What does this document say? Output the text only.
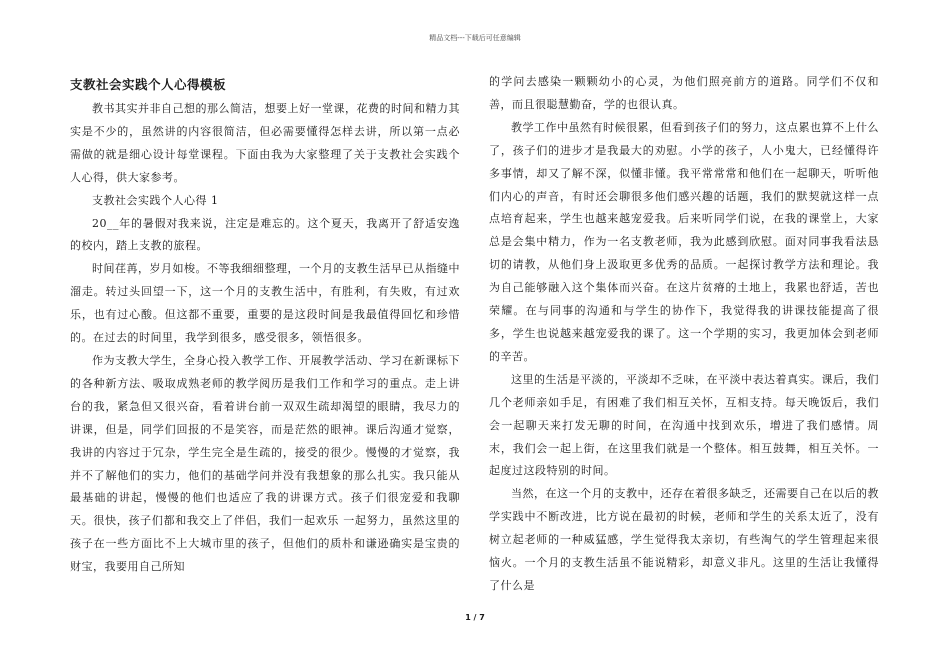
精品文档---下载后可任意编辑
支教社会实践个人心得模板

教书其实并非自己想的那么简洁，想要上好一堂课，花费的时间和精力其实是不少的，虽然讲的内容很简洁，但必需要懂得怎样去讲，所以第一点必需做的就是细心设计每堂课程。下面由我为大家整理了关于支教社会实践个人心得，供大家参考。

支教社会实践个人心得 1

20__年的暑假对我来说，注定是难忘的。这个夏天，我离开了舒适安逸的校内，踏上支教的旅程。

时间荏苒，岁月如梭。不等我细细整理，一个月的支教生活早已从指缝中溜走。转过头回望一下，这一个月的支教生活中，有胜利，有失败，有过欢乐，也有过心酸。但这都不重要，重要的是这段时间是我最值得回忆和珍惜的。在过去的时间里，我学到很多，感受很多，领悟很多。

作为支教大学生，全身心投入教学工作、开展教学活动、学习在新课标下的各种新方法、吸取成熟老师的教学阅历是我们工作和学习的重点。走上讲台的我，紧急但又很兴奋，看着讲台前一双双生疏却渴望的眼睛，我尽力的讲课，但是，同学们回报的不是笑容，而是茫然的眼神。课后沟通才觉察，我讲的内容过于冗杂，学生完全是生疏的，接受的很少。慢慢的才觉察，我并不了解他们的实力，他们的基础学问并没有我想象的那么扎实。我只能从最基础的讲起，慢慢的他们也适应了我的讲课方式。孩子们很宠爱和我聊天。很快，孩子们都和我交上了伴侣，我们一起欢乐 一起努力，虽然这里的孩子在一些方面比不上大城市里的孩子，但他们的质朴和谦逊确实是宝贵的财宝，我要用自己所知

的学问去感染一颗颗幼小的心灵，为他们照亮前方的道路。同学们不仅和善，而且很聪慧勤奋，学的也很认真。

教学工作中虽然有时候很累，但看到孩子们的努力，这点累也算不上什么了，孩子们的进步才是我最大的劝慰。小学的孩子，人小鬼大，已经懂得许多事情，却又了解不深，似懂非懂。我平常常常和他们在一起聊天，听听他们内心的声音，有时还会聊很多他们感兴趣的话题，我们的默契就这样一点点培育起来，学生也越来越宠爱我。后来听同学们说，在我的课堂上，大家总是会集中精力，作为一名支教老师，我为此感到欣慰。面对同事我看法恳切的请教，从他们身上汲取更多优秀的品质。一起探讨教学方法和理论。我为自己能够融入这个集体而兴奋。在这片贫瘠的土地上，我累也舒适，苦也荣耀。在与同事的沟通和与学生的协作下，我觉得我的讲课技能提高了很多，学生也说越来越宠爱我的课了。这一个学期的实习，我更加体会到老师的辛苦。

这里的生活是平淡的，平淡却不乏味，在平淡中表达着真实。课后，我们几个老师亲如手足，有困难了我们相互关怀，互相支持。每天晚饭后，我们会一起聊天来打发无聊的时间，在沟通中找到欢乐，增进了我们感情。周末，我们会一起上街，在这里我们就是一个整体。相互鼓舞，相互关怀。一起度过这段特别的时间。

当然，在这一个月的支教中，还存在着很多缺乏，还需要自己在以后的教学实践中不断改进，比方说在最初的时候，老师和学生的关系太近了，没有树立起老师的一种威猛感，学生觉得我太亲切，有些淘气的学生管理起来很恼火。一个月的支教生活虽不能说精彩，却意义非凡。这里的生活让我懂得了什么是

1 / 7
